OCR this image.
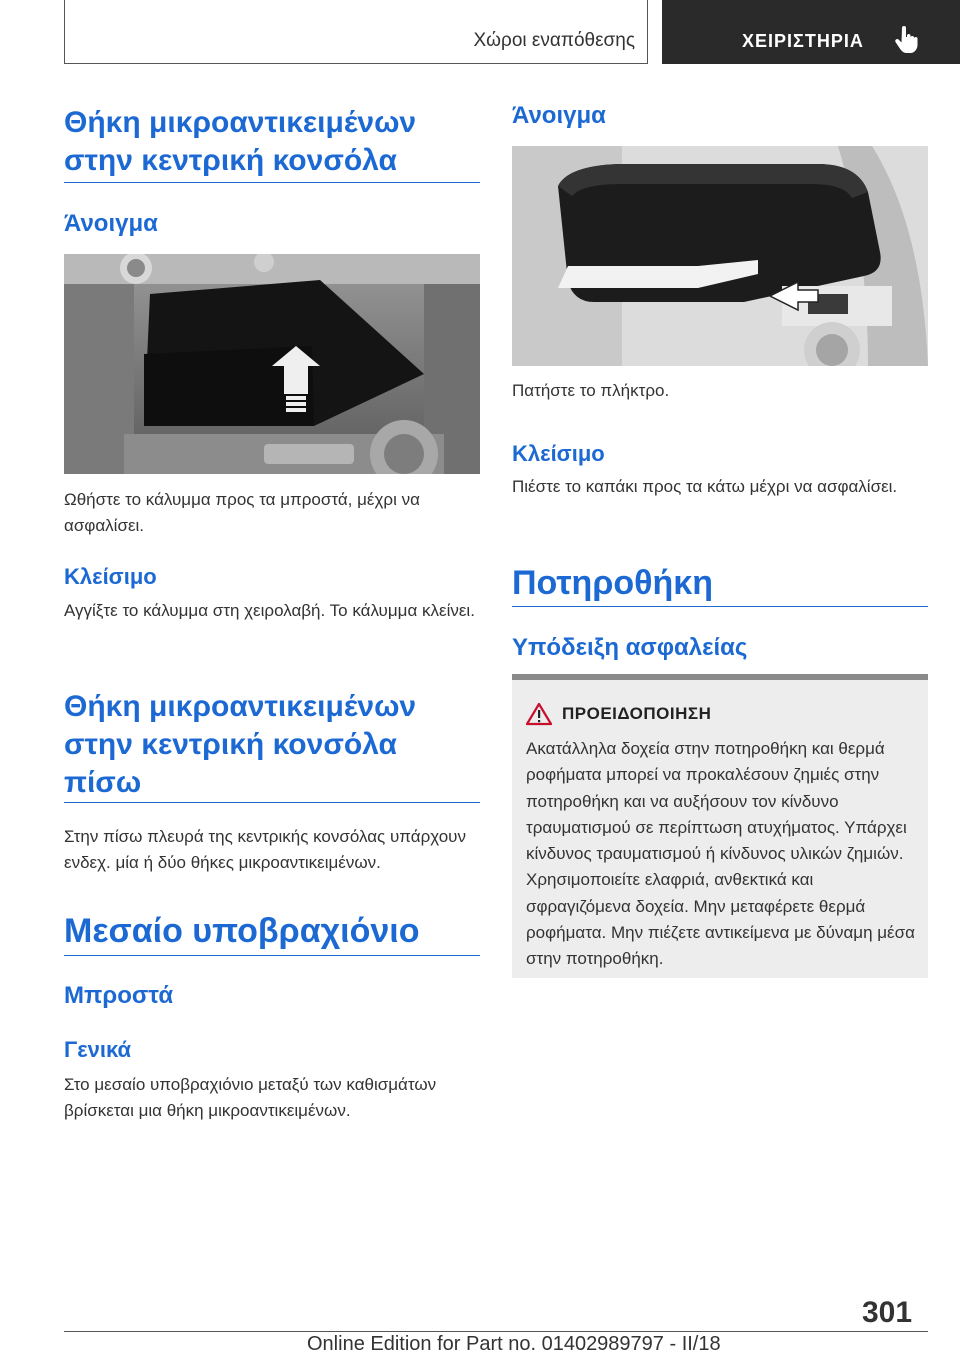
Χώροι εναπόθεσης	ΧΕΙΡΙΣΤΗΡΙΑ
Θήκη μικροαντικειμένων στην κεντρική κονσόλα
Άνοιγμα

Ωθήστε το κάλυμμα προς τα μπροστά, μέχρι να ασφαλίσει.

Κλείσιμο

Αγγίξτε το κάλυμμα στη χειρολαβή. Το κάλυμμα κλείνει.

Θήκη μικροαντικειμένων στην κεντρική κονσόλα πίσω

Στην πίσω πλευρά της κεντρικής κονσόλας υπάρχουν ενδεχ. μία ή δύο θήκες μικροαντικειμένων.

Μεσαίο υποβραχιόνιο
Μπροστά
Γενικά

Στο μεσαίο υποβραχιόνιο μεταξύ των καθισμάτων βρίσκεται μια θήκη μικροαντικειμένων.

Άνοιγμα

Πατήστε το πλήκτρο.

Κλείσιμο

Πιέστε το καπάκι προς τα κάτω μέχρι να ασφαλίσει.

Ποτηροθήκη
Υπόδειξη ασφαλείας
ΠΡΟΕΙΔΟΠΟΙΗΣΗ

Ακατάλληλα δοχεία στην ποτηροθήκη και θερμά ροφήματα μπορεί να προκαλέσουν ζημιές στην ποτηροθήκη και να αυξήσουν τον κίνδυνο τραυματισμού σε περίπτωση ατυχήματος. Υπάρχει κίνδυνος τραυματισμού ή κίνδυνος υλικών ζημιών. Χρησιμοποιείτε ελαφριά, ανθεκτικά και σφραγιζόμενα δοχεία. Μην μεταφέρετε θερμά ροφήματα. Μην πιέζετε αντικείμενα με δύναμη μέσα στην ποτηροθήκη.

301
Online Edition for Part no. 01402989797 - II/18
